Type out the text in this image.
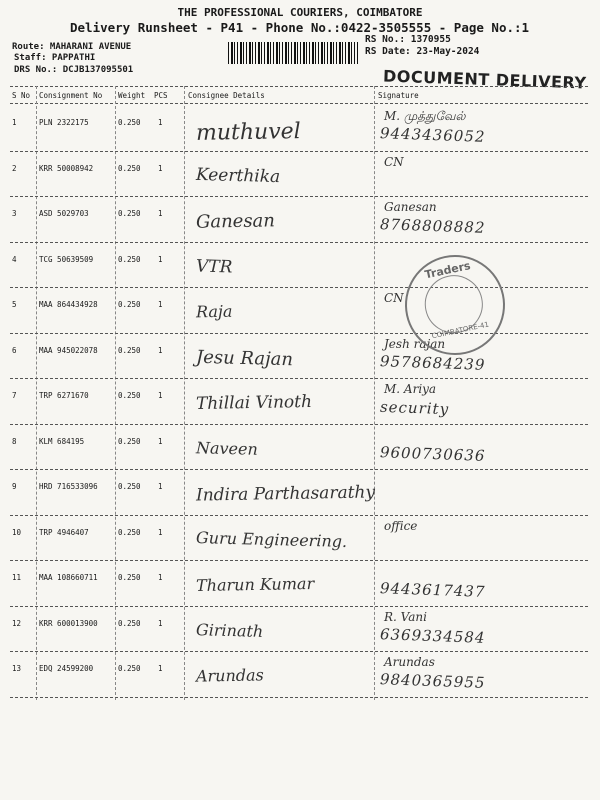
THE PROFESSIONAL COURIERS, COIMBATORE
Delivery Runsheet - P41 - Phone No.:0422-3505555 - Page No.:1
Route: MAHARANI AVENUE
Staff: PAPPATHI
DRS No.: DCJB137095501
RS No.: 1370955
RS Date: 23-May-2024
DOCUMENT DELIVERY
S No Consignment No Weight PCS	Consignee Details	Signature
1	PLN 2322175	0.250 1 muthuvel
M. முத்துவேல்
9443436052
2	KRR 50008942	0.250 1 Keerthika
CN
3	ASD 5029703	0.250 1 Ganesan
Ganesan
8768808882
4	TCG 50639509	0.250 1 VTR
5	MAA 864434928	0.250 1 Raja
CN
6	MAA 945022078	0.250 1 Jesu Rajan
Jesh rajan
9578684239
7	TRP 6271670	0.250 1 Thillai Vinoth
M. Ariya
security
8	KLM 684195	0.250 1 Naveen	9600730636
9	HRD 716533096	0.250 1 Indira Parthasarathy
10 TRP 4946407	0.250 1 Guru Engineering.
office
11 MAA 108660711	0.250 1 Tharun Kumar	9443617437
12 KRR 600013900	0.250 1 Girinath
R. Vani
6369334584
13 EDQ 24599200	0.250 1 Arundas
Arundas
9840365955
Traders
COIMBATORE-41
